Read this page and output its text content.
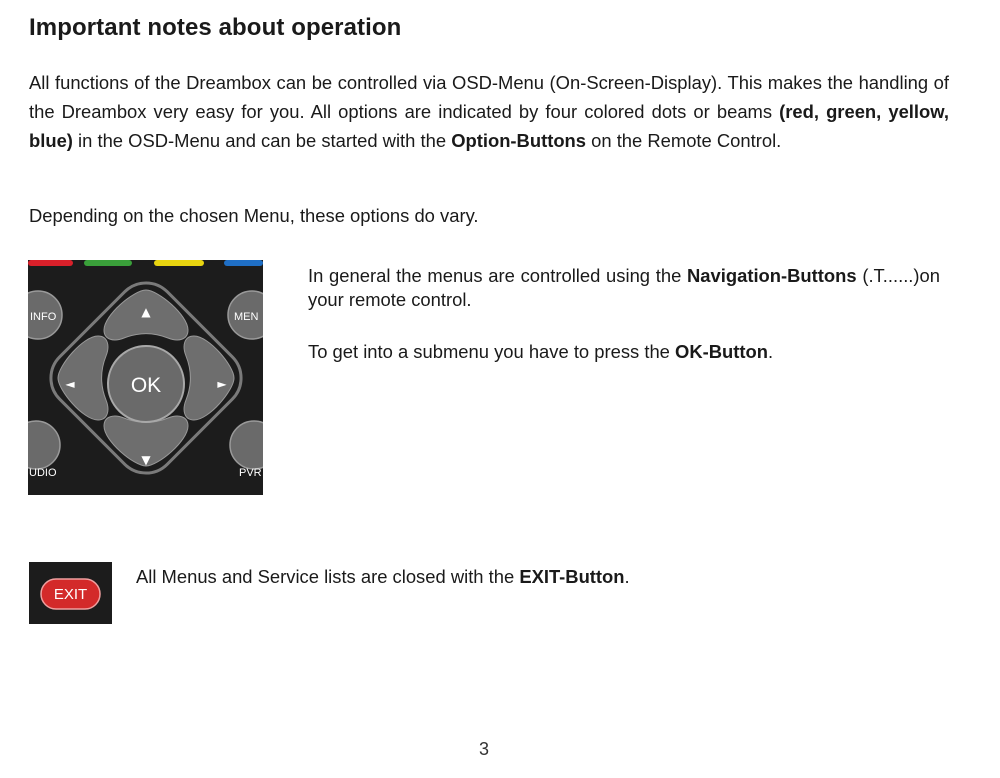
Important notes about operation
All functions of the Dreambox can be controlled via OSD-Menu (On-Screen-Display). This makes the handling of the Dreambox very easy for you. All options are indicated by four colored dots or beams (red, green, yellow, blue) in the OSD-Menu and can be started with the Option-Buttons on the Remote Control.
Depending on the chosen Menu, these options do vary.
OK
▲
▼
◄	►
INFO	MEN
UDIO	PVR
In general the menus are controlled using the Navigation-Buttons (.T......)on your remote control.
To get into a submenu you have to press the OK-Button.
EXIT
All Menus and Service lists are closed with the EXIT-Button.
3
